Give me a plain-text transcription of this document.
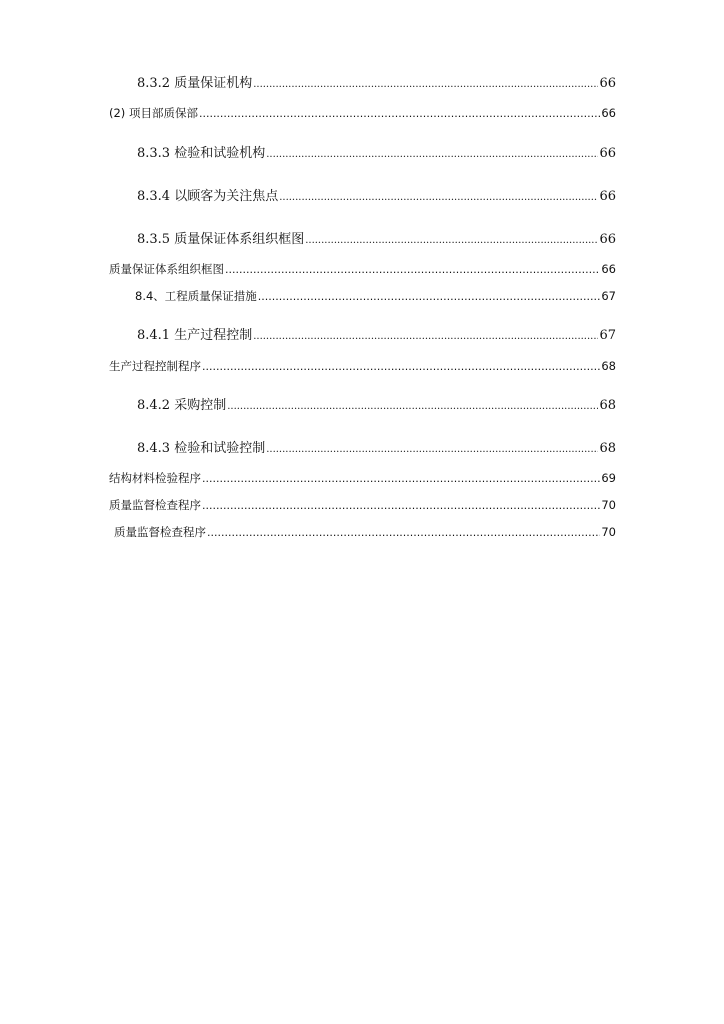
8.3.2 质量保证机构 .....	66
(2) 项目部质保部 .....	66
8.3.3 检验和试验机构 .....	66
8.3.4 以顾客为关注焦点 .....	66
8.3.5 质量保证体系组织框图 .....	66
质量保证体系组织框图 .....	66
8.4、工程质量保证措施 .....	67
8.4.1 生产过程控制 .....	67
生产过程控制程序 .....	68
8.4.2 采购控制 .....	68
8.4.3 检验和试验控制 .....	68
结构材料检验程序 .....	69
质量监督检查程序 .....	70
质量监督检查程序 .....	70
